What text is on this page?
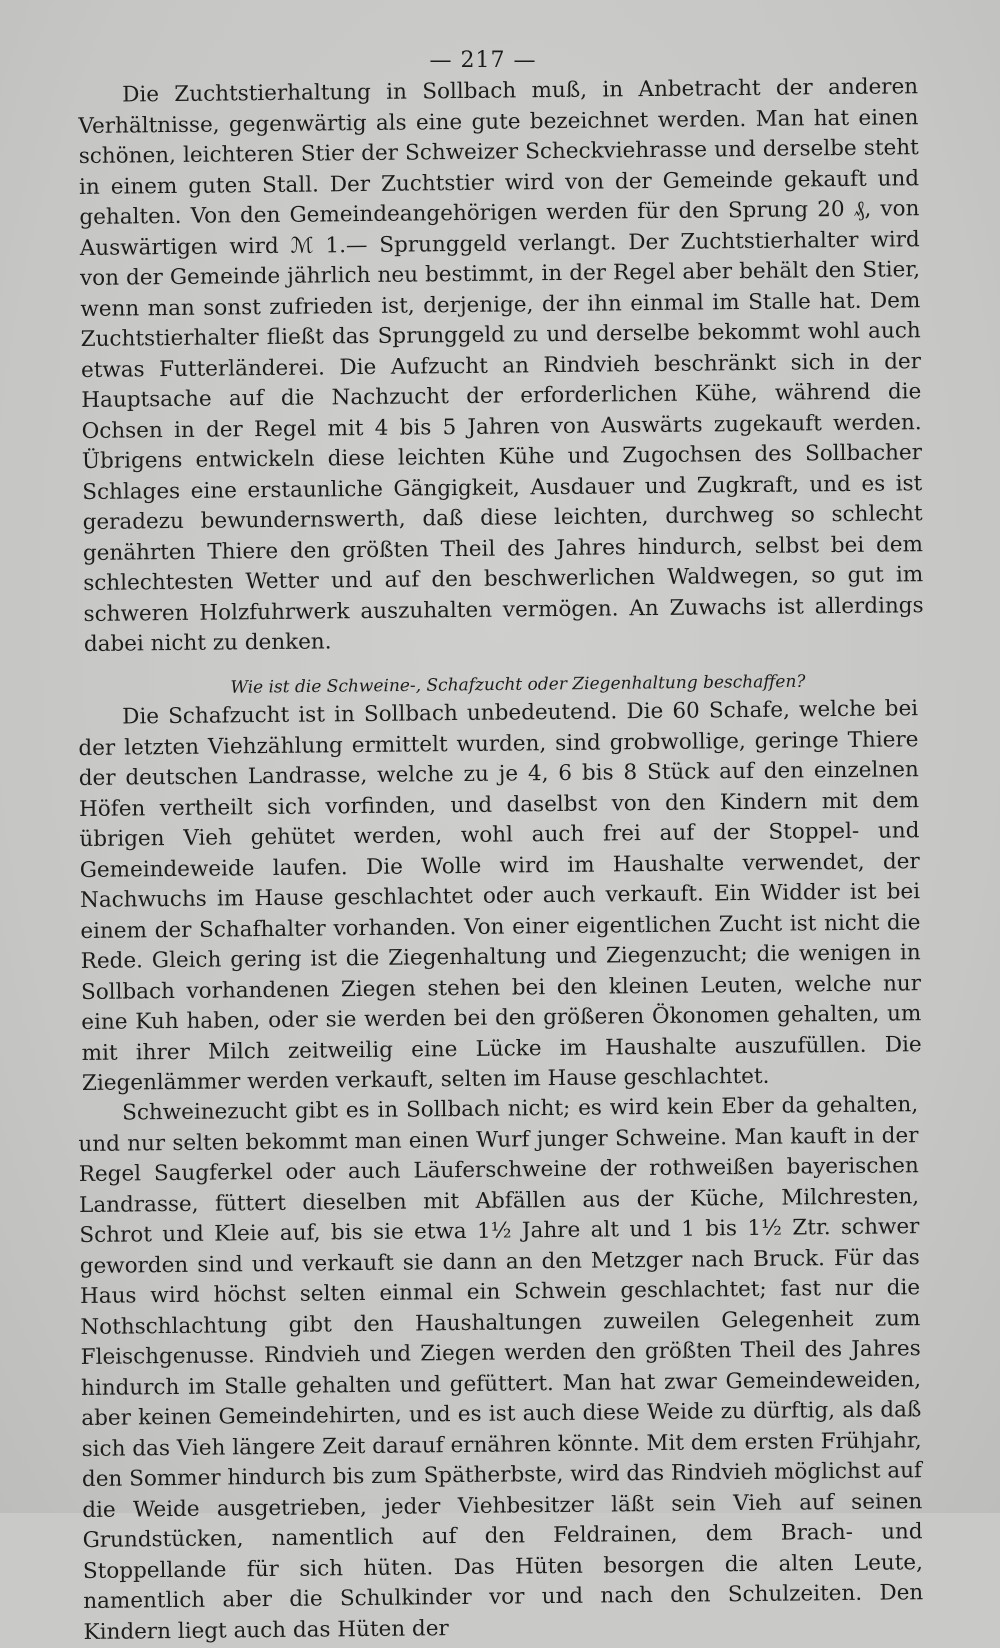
— 217 —

Die Zuchtstierhaltung in Sollbach muß, in Anbetracht der anderen Verhältnisse, gegenwärtig als eine gute bezeichnet werden. Man hat einen schönen, leichteren Stier der Schweizer Scheckviehrasse und derselbe steht in einem guten Stall. Der Zuchtstier wird von der Gemeinde gekauft und gehalten. Von den Gemeindeangehörigen werden für den Sprung 20 ₰, von Auswärtigen wird ℳ 1.— Sprunggeld verlangt. Der Zuchtstierhalter wird von der Gemeinde jährlich neu bestimmt, in der Regel aber behält den Stier, wenn man sonst zufrieden ist, derjenige, der ihn einmal im Stalle hat. Dem Zuchtstierhalter fließt das Sprunggeld zu und derselbe bekommt wohl auch etwas Futterländerei. Die Aufzucht an Rindvieh beschränkt sich in der Hauptsache auf die Nachzucht der erforderlichen Kühe, während die Ochsen in der Regel mit 4 bis 5 Jahren von Auswärts zugekauft werden. Übrigens entwickeln diese leichten Kühe und Zugochsen des Sollbacher Schlages eine erstaunliche Gängigkeit, Ausdauer und Zugkraft, und es ist geradezu bewundernswerth, daß diese leichten, durchweg so schlecht genährten Thiere den größten Theil des Jahres hindurch, selbst bei dem schlechtesten Wetter und auf den beschwerlichen Waldwegen, so gut im schweren Holzfuhrwerk auszuhalten vermögen. An Zuwachs ist allerdings dabei nicht zu denken.

Wie ist die Schweine-, Schafzucht oder Ziegenhaltung beschaffen?

Die Schafzucht ist in Sollbach unbedeutend. Die 60 Schafe, welche bei der letzten Viehzählung ermittelt wurden, sind grobwollige, geringe Thiere der deutschen Landrasse, welche zu je 4, 6 bis 8 Stück auf den einzelnen Höfen vertheilt sich vorfinden, und daselbst von den Kindern mit dem übrigen Vieh gehütet werden, wohl auch frei auf der Stoppel- und Gemeindeweide laufen. Die Wolle wird im Haushalte verwendet, der Nachwuchs im Hause geschlachtet oder auch verkauft. Ein Widder ist bei einem der Schafhalter vorhanden. Von einer eigentlichen Zucht ist nicht die Rede. Gleich gering ist die Ziegenhaltung und Ziegenzucht; die wenigen in Sollbach vorhandenen Ziegen stehen bei den kleinen Leuten, welche nur eine Kuh haben, oder sie werden bei den größeren Ökonomen gehalten, um mit ihrer Milch zeitweilig eine Lücke im Haushalte auszufüllen. Die Ziegenlämmer werden verkauft, selten im Hause geschlachtet.

Schweinezucht gibt es in Sollbach nicht; es wird kein Eber da gehalten, und nur selten bekommt man einen Wurf junger Schweine. Man kauft in der Regel Saugferkel oder auch Läuferschweine der rothweißen bayerischen Landrasse, füttert dieselben mit Abfällen aus der Küche, Milchresten, Schrot und Kleie auf, bis sie etwa 1½ Jahre alt und 1 bis 1½ Ztr. schwer geworden sind und verkauft sie dann an den Metzger nach Bruck. Für das Haus wird höchst selten einmal ein Schwein geschlachtet; fast nur die Nothschlachtung gibt den Haushaltungen zuweilen Gelegenheit zum Fleischgenusse. Rindvieh und Ziegen werden den größten Theil des Jahres hindurch im Stalle gehalten und gefüttert. Man hat zwar Gemeindeweiden, aber keinen Gemeindehirten, und es ist auch diese Weide zu dürftig, als daß sich das Vieh längere Zeit darauf ernähren könnte. Mit dem ersten Frühjahr, den Sommer hindurch bis zum Spätherbste, wird das Rindvieh möglichst auf die Weide ausgetrieben, jeder Viehbesitzer läßt sein Vieh auf seinen Grundstücken, namentlich auf den Feldrainen, dem Brach- und Stoppellande für sich hüten. Das Hüten besorgen die alten Leute, namentlich aber die Schulkinder vor und nach den Schulzeiten. Den Kindern liegt auch das Hüten der
